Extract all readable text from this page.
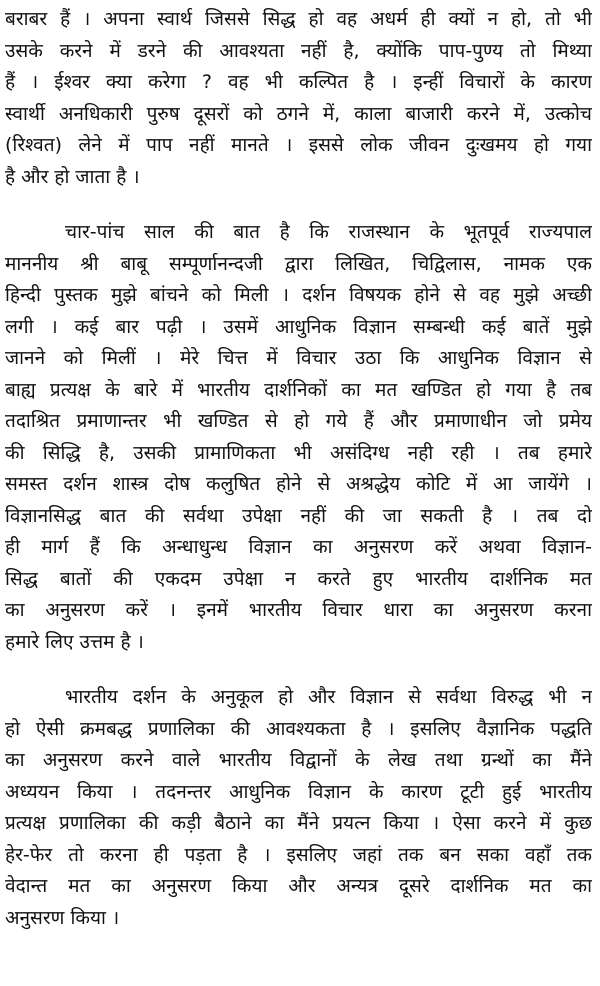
बराबर हैं । अपना स्वार्थ जिससे सिद्ध हो वह अधर्म ही क्यों न हो, तो भी
उसके करने में डरने की आवश्यता नहीं है, क्योंकि पाप-पुण्य तो मिथ्या
हैं । ईश्वर क्या करेगा ? वह भी कल्पित है । इन्हीं विचारों के कारण
स्वार्थी अनधिकारी पुरुष दूसरों को ठगने में, काला बाजारी करने में, उत्कोच
(रिश्वत) लेने में पाप नहीं मानते । इससे लोक जीवन दुःखमय हो गया
है और हो जाता है ।

चार-पांच साल की बात है कि राजस्थान के भूतपूर्व राज्यपाल
माननीय श्री बाबू सम्पूर्णानन्दजी द्वारा लिखित, चिद्विलास, नामक एक
हिन्दी पुस्तक मुझे बांचने को मिली । दर्शन विषयक होने से वह मुझे अच्छी
लगी । कई बार पढ़ी । उसमें आधुनिक विज्ञान सम्बन्धी कई बातें मुझे
जानने को मिलीं । मेरे चित्त में विचार उठा कि आधुनिक विज्ञान से
बाह्य प्रत्यक्ष के बारे में भारतीय दार्शनिकों का मत खण्डित हो गया है तब
तदाश्रित प्रमाणान्तर भी खण्डित से हो गये हैं और प्रमाणाधीन जो प्रमेय
की सिद्धि है, उसकी प्रामाणिकता भी असंदिग्ध नही रही । तब हमारे
समस्त दर्शन शास्त्र दोष कलुषित होने से अश्रद्धेय कोटि में आ जायेंगे ।
विज्ञानसिद्ध बात की सर्वथा उपेक्षा नहीं की जा सकती है । तब दो
ही मार्ग हैं कि अन्धाधुन्ध विज्ञान का अनुसरण करें अथवा विज्ञान-
सिद्ध बातों की एकदम उपेक्षा न करते हुए भारतीय दार्शनिक मत
का अनुसरण करें । इनमें भारतीय विचार धारा का अनुसरण करना
हमारे लिए उत्तम है ।

भारतीय दर्शन के अनुकूल हो और विज्ञान से सर्वथा विरुद्ध भी न
हो ऐसी क्रमबद्ध प्रणालिका की आवश्यकता है । इसलिए वैज्ञानिक पद्धति
का अनुसरण करने वाले भारतीय विद्वानों के लेख तथा ग्रन्थों का मैंने
अध्ययन किया । तदनन्तर आधुनिक विज्ञान के कारण टूटी हुई भारतीय
प्रत्यक्ष प्रणालिका की कड़ी बैठाने का मैंने प्रयत्न किया । ऐसा करने में कुछ
हेर-फेर तो करना ही पड़ता है । इसलिए जहां तक बन सका वहाँ तक
वेदान्त मत का अनुसरण किया और अन्यत्र दूसरे दार्शनिक मत का
अनुसरण किया ।
